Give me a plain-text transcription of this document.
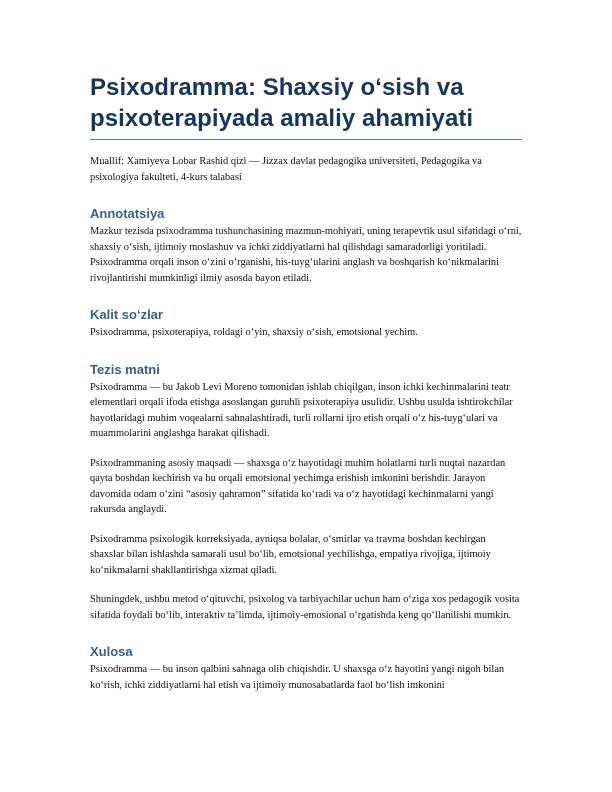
Psixodramma: Shaxsiy o‘sish va psixoterapiyada amaliy ahamiyati

Muallif: Xamiyeva Lobar Rashid qizi — Jizzax davlat pedagogika universiteti, Pedagogika va psixologiya fakulteti, 4-kurs talabasi

Annotatsiya

Mazkur tezisda psixodramma tushunchasining mazmun-mohiyati, uning terapevtik usul sifatidagi o‘rni, shaxsiy o‘sish, ijtimoiy moslashuv va ichki ziddiyatlarni hal qilishdagi samaradorligi yoritiladi. Psixodramma orqali inson o‘zini o‘rganishi, his-tuyg‘ularini anglash va boshqarish ko‘nikmalarini rivojlantirishi mumkinligi ilmiy asosda bayon etiladi.

Kalit so‘zlar

Psixodramma, psixoterapiya, roldagi o‘yin, shaxsiy o‘sish, emotsional yechim.

Tezis matni

Psixodramma — bu Jakob Levi Moreno tomonidan ishlab chiqilgan, inson ichki kechinmalarini teatr elementlari orqali ifoda etishga asoslangan guruhli psixoterapiya usulidir. Ushbu usulda ishtirokchilar hayotlaridagi muhim voqealarni sahnalashtiradi, turli rollarni ijro etish orqali o‘z his-tuyg‘ulari va muammolarini anglashga harakat qilishadi.

Psixodrammaning asosiy maqsadi — shaxsga o‘z hayotidagi muhim holatlarni turli nuqtai nazardan qayta boshdan kechirish va bu orqali emotsional yechimga erishish imkonini berishdir. Jarayon davomida odam o‘zini “asosiy qahramon” sifatida ko‘radi va o‘z hayotidagi kechinmalarni yangi rakursda anglaydi.

Psixodramma psixologik korreksiyada, ayniqsa bolalar, o‘smirlar va travma boshdan kechirgan shaxslar bilan ishlashda samarali usul bo‘lib, emotsional yechilishga, empatiya rivojiga, ijtimoiy ko‘nikmalarni shakllantirishga xizmat qiladi.

Shuningdek, ushbu metod o‘qituvchi, psixolog va tarbiyachilar uchun ham o‘ziga xos pedagogik vosita sifatida foydali bo‘lib, interaktiv ta’limda, ijtimoiy-emosional o‘rgatishda keng qo‘llanilishi mumkin.

Xulosa

Psixodramma — bu inson qalbini sahnaga olib chiqishdir. U shaxsga o‘z hayotini yangi nigoh bilan ko‘rish, ichki ziddiyatlarni hal etish va ijtimoiy munosabatlarda faol bo‘lish imkonini
